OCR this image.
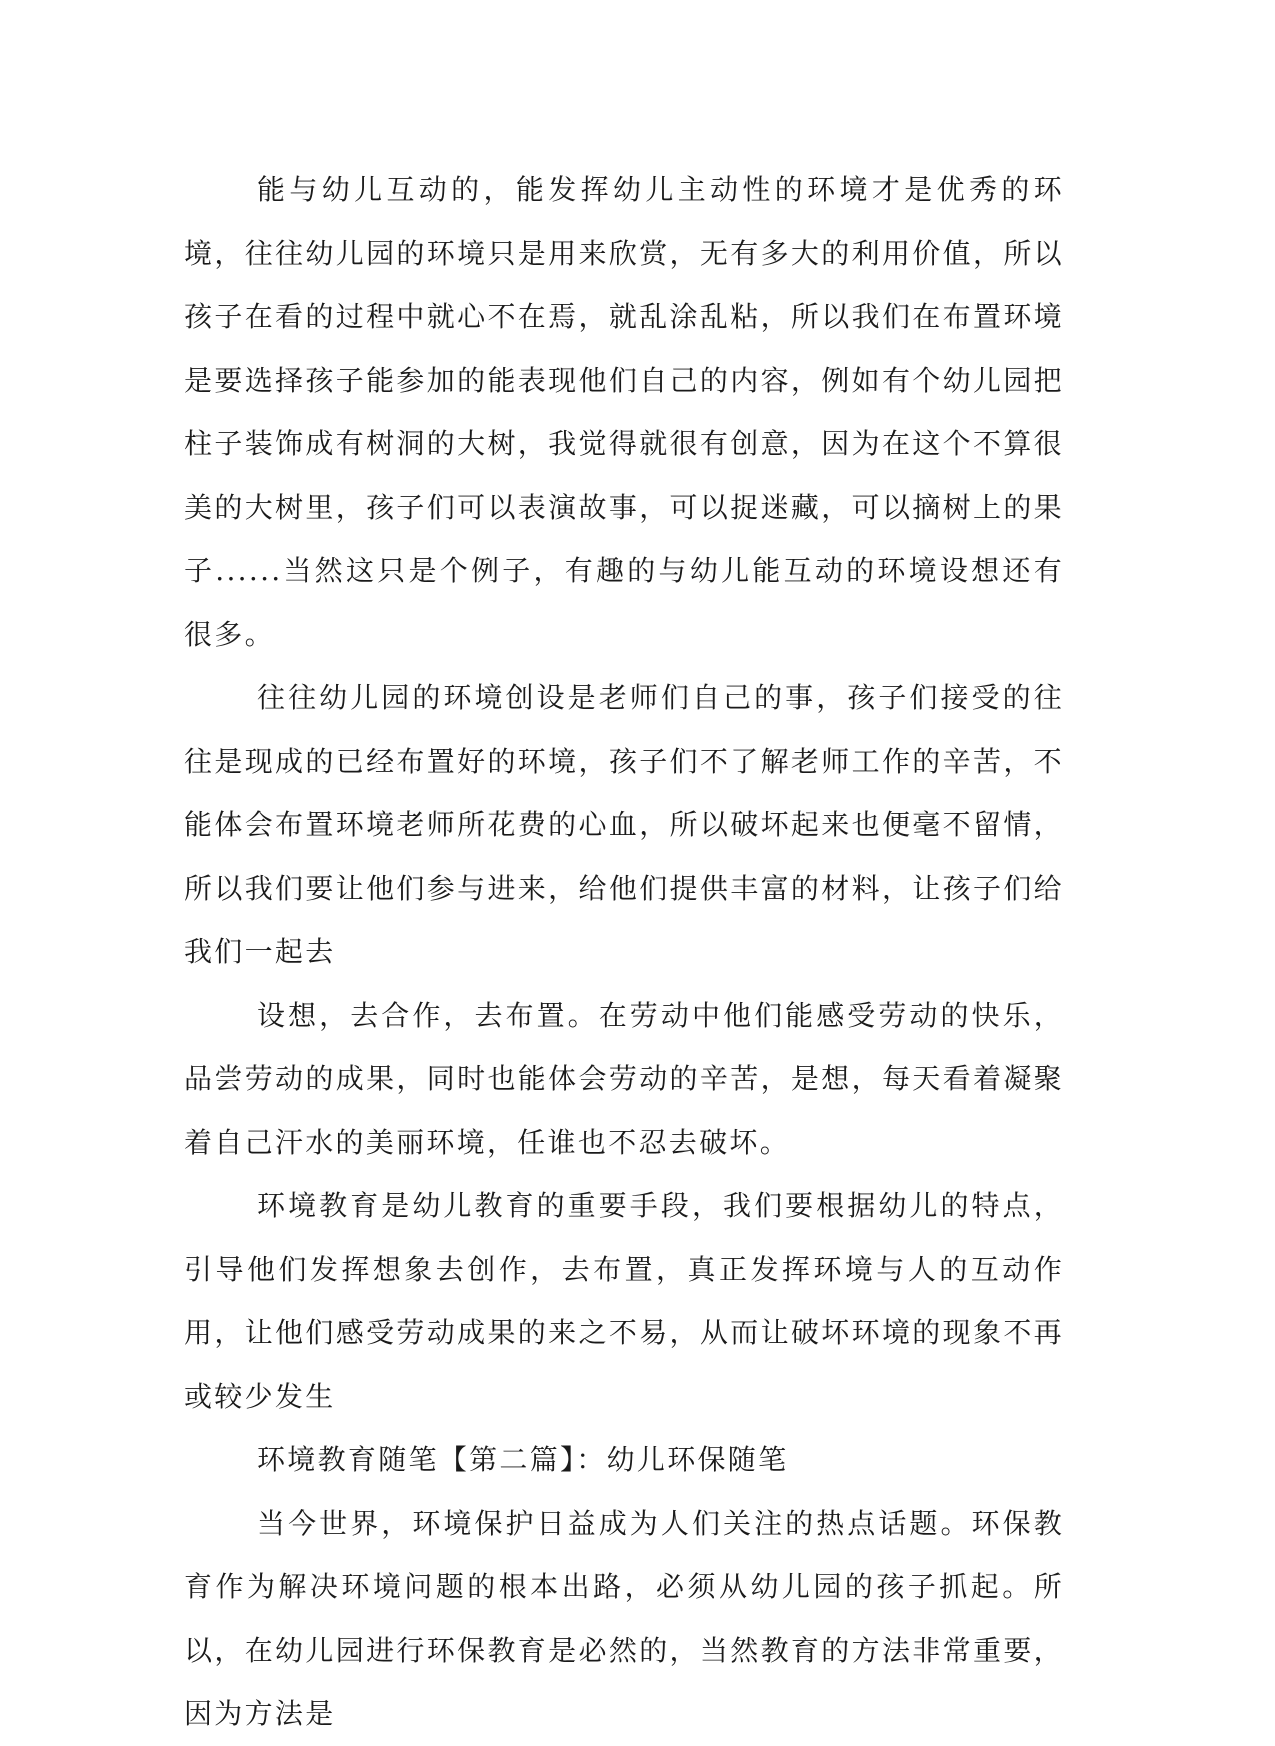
能与幼儿互动的，能发挥幼儿主动性的环境才是优秀的环境，往往幼儿园的环境只是用来欣赏，无有多大的利用价值，所以孩子在看的过程中就心不在焉，就乱涂乱粘，所以我们在布置环境是要选择孩子能参加的能表现他们自己的内容，例如有个幼儿园把柱子装饰成有树洞的大树，我觉得就很有创意，因为在这个不算很美的大树里，孩子们可以表演故事，可以捉迷藏，可以摘树上的果子......当然这只是个例子，有趣的与幼儿能互动的环境设想还有很多。

往往幼儿园的环境创设是老师们自己的事，孩子们接受的往往是现成的已经布置好的环境，孩子们不了解老师工作的辛苦，不能体会布置环境老师所花费的心血，所以破坏起来也便毫不留情，所以我们要让他们参与进来，给他们提供丰富的材料，让孩子们给我们一起去

设想，去合作，去布置。在劳动中他们能感受劳动的快乐，品尝劳动的成果，同时也能体会劳动的辛苦，是想，每天看着凝聚着自己汗水的美丽环境，任谁也不忍去破坏。

环境教育是幼儿教育的重要手段，我们要根据幼儿的特点，引导他们发挥想象去创作，去布置，真正发挥环境与人的互动作用，让他们感受劳动成果的来之不易，从而让破坏环境的现象不再或较少发生

环境教育随笔【第二篇】：幼儿环保随笔

当今世界，环境保护日益成为人们关注的热点话题。环保教育作为解决环境问题的根本出路，必须从幼儿园的孩子抓起。所以，在幼儿园进行环保教育是必然的，当然教育的方法非常重要，因为方法是
